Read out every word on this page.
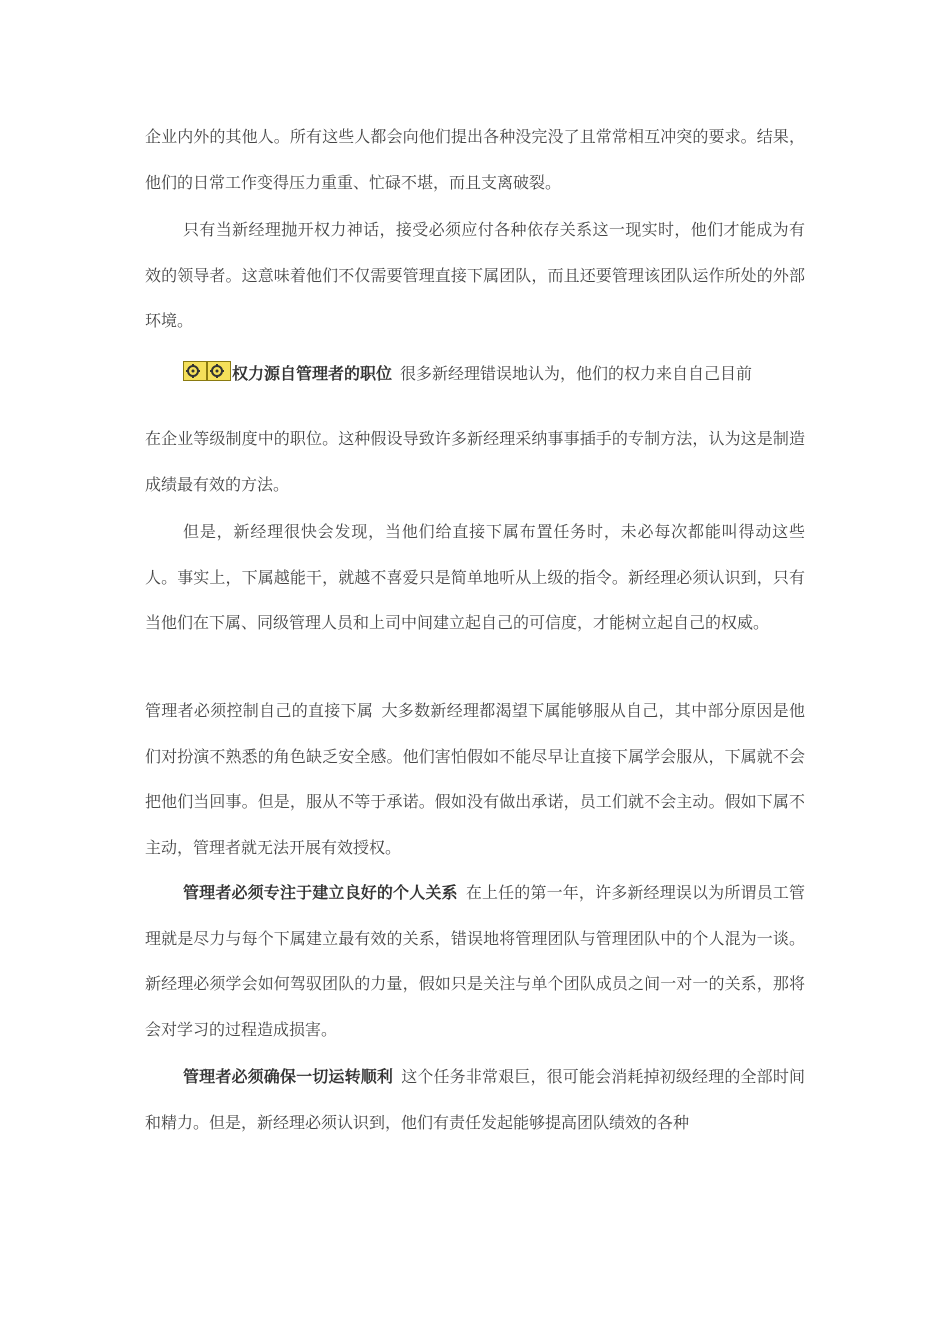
企业内外的其他人。所有这些人都会向他们提出各种没完没了且常常相互冲突的要求。结果，他们的日常工作变得压力重重、忙碌不堪，而且支离破裂。

只有当新经理抛开权力神话，接受必须应付各种依存关系这一现实时，他们才能成为有效的领导者。这意味着他们不仅需要管理直接下属团队，而且还要管理该团队运作所处的外部环境。

权力源自管理者的职位 很多新经理错误地认为，他们的权力来自自己目前

在企业等级制度中的职位。这种假设导致许多新经理采纳事事插手的专制方法，认为这是制造成绩最有效的方法。

但是，新经理很快会发现，当他们给直接下属布置任务时，未必每次都能叫得动这些人。事实上，下属越能干，就越不喜爱只是简单地听从上级的指令。新经理必须认识到，只有当他们在下属、同级管理人员和上司中间建立起自己的可信度，才能树立起自己的权威。

管理者必须控制自己的直接下属 大多数新经理都渴望下属能够服从自己，其中部分原因是他们对扮演不熟悉的角色缺乏安全感。他们害怕假如不能尽早让直接下属学会服从，下属就不会把他们当回事。但是，服从不等于承诺。假如没有做出承诺，员工们就不会主动。假如下属不主动，管理者就无法开展有效授权。

管理者必须专注于建立良好的个人关系 在上任的第一年，许多新经理误以为所谓员工管理就是尽力与每个下属建立最有效的关系，错误地将管理团队与管理团队中的个人混为一谈。新经理必须学会如何驾驭团队的力量，假如只是关注与单个团队成员之间一对一的关系，那将会对学习的过程造成损害。

管理者必须确保一切运转顺利 这个任务非常艰巨，很可能会消耗掉初级经理的全部时间和精力。但是，新经理必须认识到，他们有责任发起能够提高团队绩效的各种
